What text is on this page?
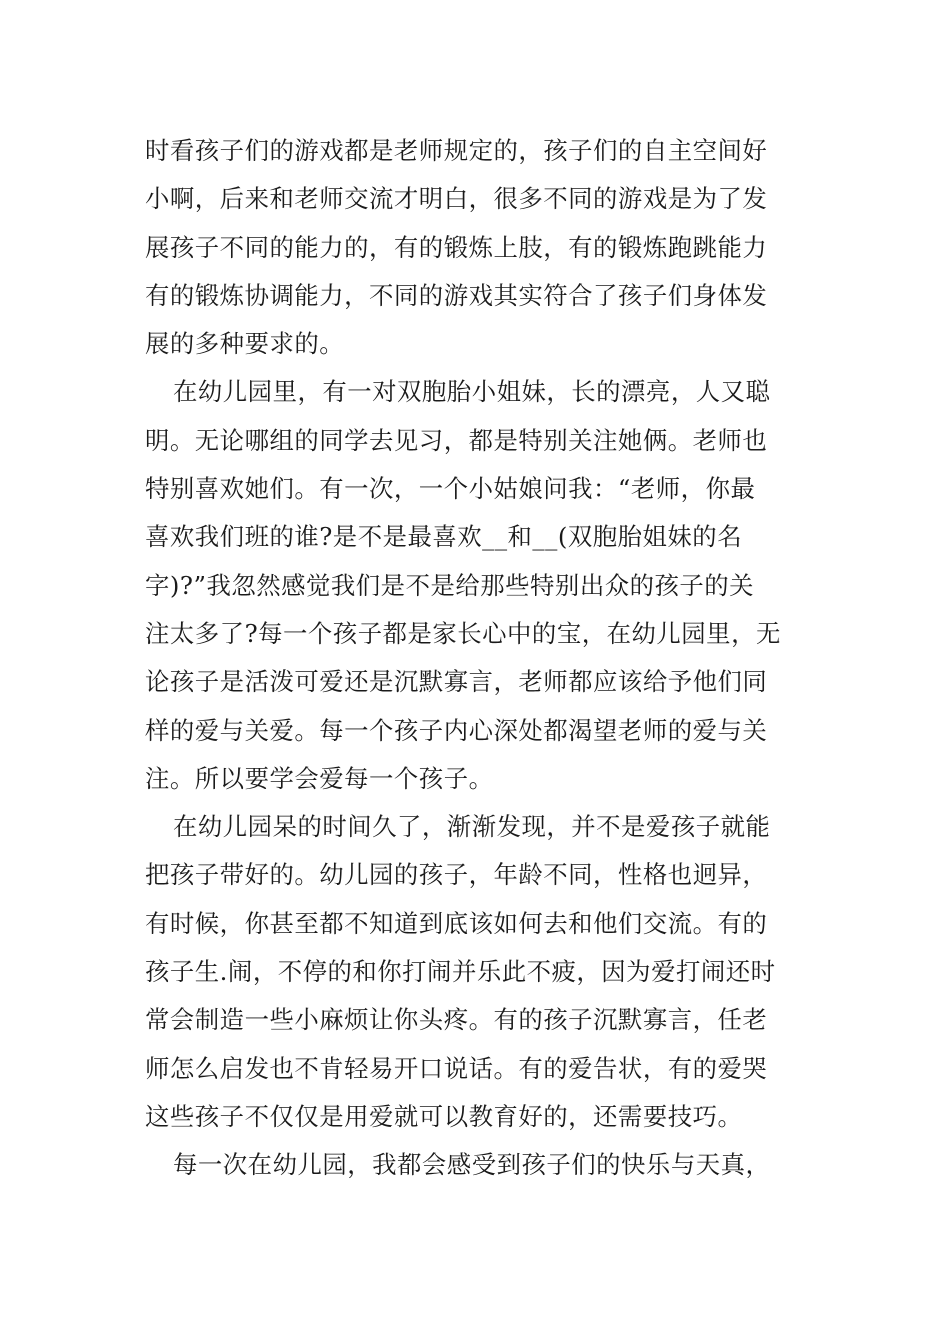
时看孩子们的游戏都是老师规定的，孩子们的自主空间好
小啊，后来和老师交流才明白，很多不同的游戏是为了发
展孩子不同的能力的，有的锻炼上肢，有的锻炼跑跳能力
有的锻炼协调能力，不同的游戏其实符合了孩子们身体发
展的多种要求的。
在幼儿园里，有一对双胞胎小姐妹，长的漂亮，人又聪
明。无论哪组的同学去见习，都是特别关注她俩。老师也
特别喜欢她们。有一次，一个小姑娘问我：“老师，你最
喜欢我们班的谁?是不是最喜欢__和__(双胞胎姐妹的名
字)?”我忽然感觉我们是不是给那些特别出众的孩子的关
注太多了?每一个孩子都是家长心中的宝，在幼儿园里，无
论孩子是活泼可爱还是沉默寡言，老师都应该给予他们同
样的爱与关爱。每一个孩子内心深处都渴望老师的爱与关
注。所以要学会爱每一个孩子。
在幼儿园呆的时间久了，渐渐发现，并不是爱孩子就能
把孩子带好的。幼儿园的孩子，年龄不同，性格也迥异，
有时候，你甚至都不知道到底该如何去和他们交流。有的
孩子生.闹，不停的和你打闹并乐此不疲，因为爱打闹还时
常会制造一些小麻烦让你头疼。有的孩子沉默寡言，任老
师怎么启发也不肯轻易开口说话。有的爱告状，有的爱哭
这些孩子不仅仅是用爱就可以教育好的，还需要技巧。
每一次在幼儿园，我都会感受到孩子们的快乐与天真，
